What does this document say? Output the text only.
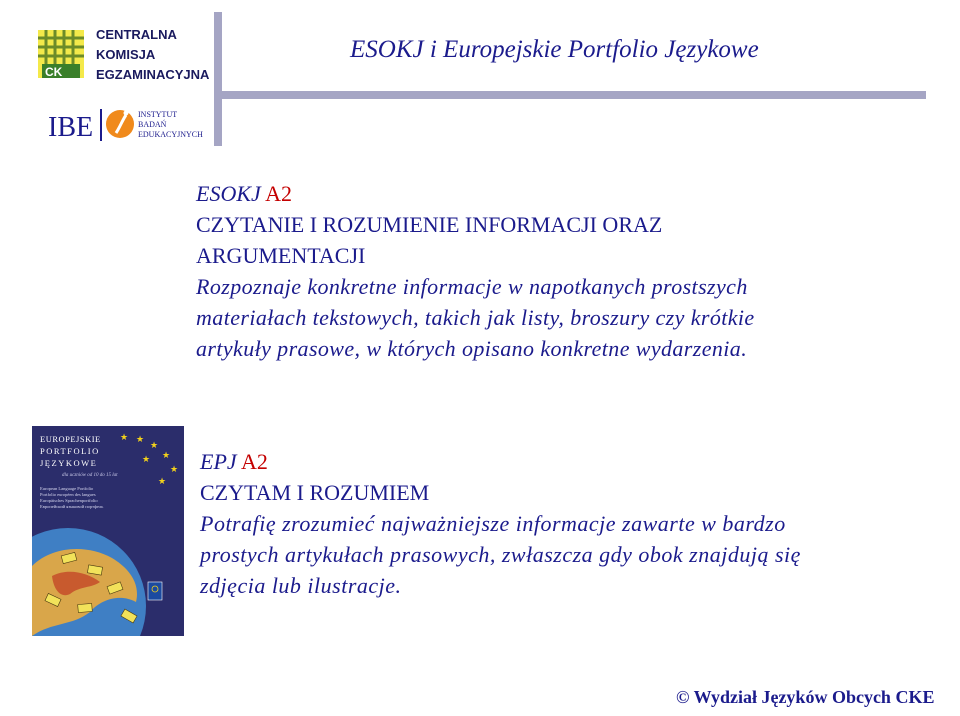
CK
CENTRALNA
KOMISJA
EGZAMINACYJNA
IBE	INSTYTUT
BADAŃ
EDUKACYJNYCH
ESOKJ i Europejskie Portfolio Językowe

ESOKJ A2

CZYTANIE I ROZUMIENIE INFORMACJI ORAZ

ARGUMENTACJI

Rozpoznaje konkretne informacje w napotkanych prostszych

materiałach tekstowych, takich jak listy, broszury czy krótkie

artykuły prasowe, w których opisano konkretne wydarzenia.

EUROPEJSKIE
PORTFOLIO
JĘZYKOWE
dla uczniów od 10 do 15 lat
European Language Portfolio
Portfolio européen des langues
Europäisches Sprachenportfolio
Европейский языковой портфель
★ ★
★
★
★
★
★ EPJ A2

CZYTAM I ROZUMIEM

Potrafię zrozumieć najważniejsze informacje zawarte w bardzo

prostych artykułach prasowych, zwłaszcza gdy obok znajdują się

zdjęcia lub ilustracje.

© Wydział Języków Obcych CKE
